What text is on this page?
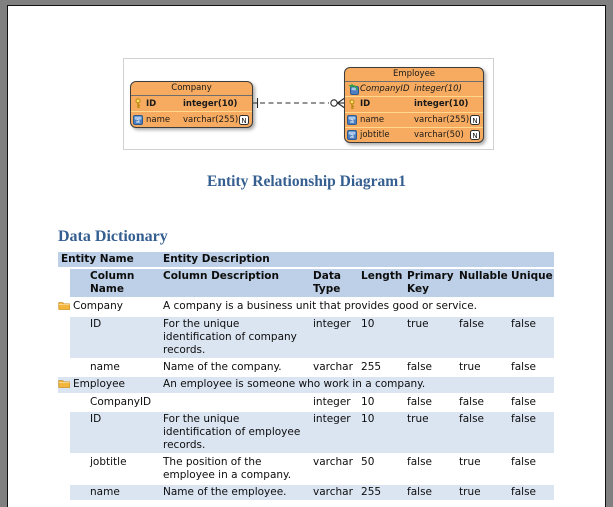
Company
ID	integer(10)
a name	varchar(255) N
Employee
CompanyID integer(10)
ID	integer(10)
a name	varchar(255) N
a jobtitle	varchar(50)	N
Entity Relationship Diagram1
Data Dictionary
Entity Name		Entity Description					
	Column Name	Column Description	Data Type	Length	Primary Key	Nullable	Unique
	Company	A company is a business unit that provides good or service.					
	ID	For the unique identification of company records.	integer	10	true	false	false
	name	Name of the company.	varchar	255	false	true	false
	Employee	An employee is someone who work in a company.					
	CompanyID		integer	10	false	false	false
	ID	For the unique identification of employee records.	integer	10	true	false	false
	jobtitle	The position of the employee in a company.	varchar	50	false	true	false
	name	Name of the employee.	varchar	255	false	true	false
